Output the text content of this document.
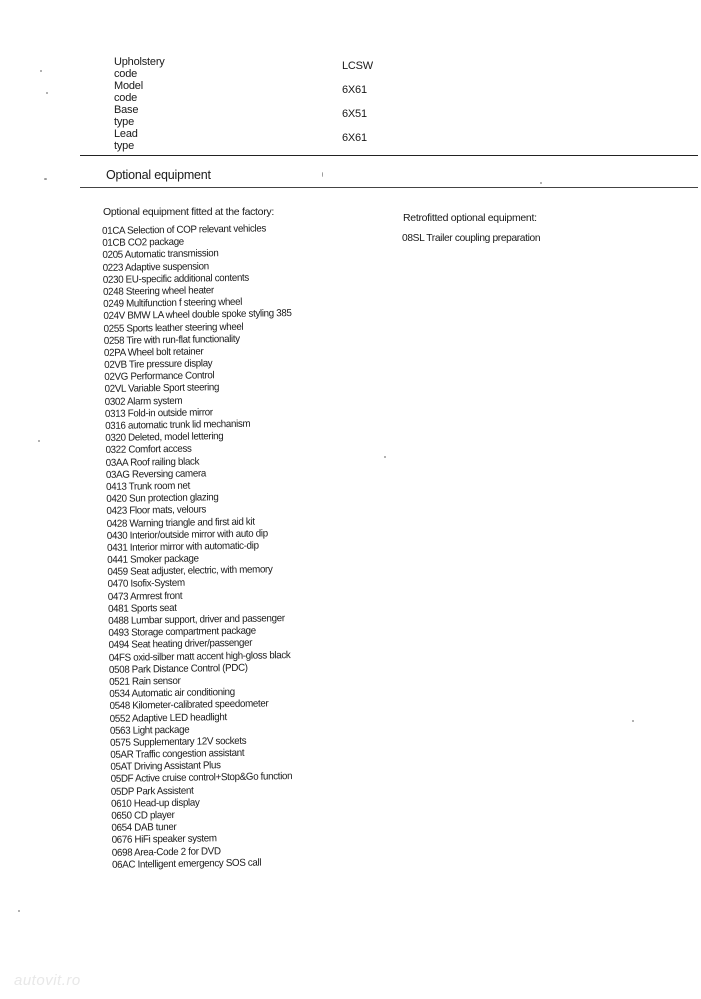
Upholstery code
LCSW
Model code
6X61
Base type
6X51
Lead type
6X61
Optional equipment
Optional equipment fitted at the factory:	Retrofitted optional equipment:
01CA Selection of COP relevant vehicles
01CB CO2 package
0205 Automatic transmission
0223 Adaptive suspension
0230 EU-specific additional contents
0248 Steering wheel heater
0249 Multifunction f steering wheel
024V BMW LA wheel double spoke styling 385
0255 Sports leather steering wheel
0258 Tire with run-flat functionality
02PA Wheel bolt retainer
02VB Tire pressure display
02VG Performance Control
02VL Variable Sport steering
0302 Alarm system
0313 Fold-in outside mirror
0316 automatic trunk lid mechanism
0320 Deleted, model lettering
0322 Comfort access
03AA Roof railing black
03AG Reversing camera
0413 Trunk room net
0420 Sun protection glazing
0423 Floor mats, velours
0428 Warning triangle and first aid kit
0430 Interior/outside mirror with auto dip
0431 Interior mirror with automatic-dip
0441 Smoker package
0459 Seat adjuster, electric, with memory
0470 Isofix-System
0473 Armrest front
0481 Sports seat
0488 Lumbar support, driver and passenger
0493 Storage compartment package
0494 Seat heating driver/passenger
04FS oxid-silber matt accent high-gloss black
0508 Park Distance Control (PDC)
0521 Rain sensor
0534 Automatic air conditioning
0548 Kilometer-calibrated speedometer
0552 Adaptive LED headlight
0563 Light package
0575 Supplementary 12V sockets
05AR Traffic congestion assistant
05AT Driving Assistant Plus
05DF Active cruise control+Stop&Go function
05DP Park Assistent
0610 Head-up display
0650 CD player
0654 DAB tuner
0676 HiFi speaker system
0698 Area-Code 2 for DVD
06AC Intelligent emergency SOS call
08SL Trailer coupling preparation
autovit.ro
